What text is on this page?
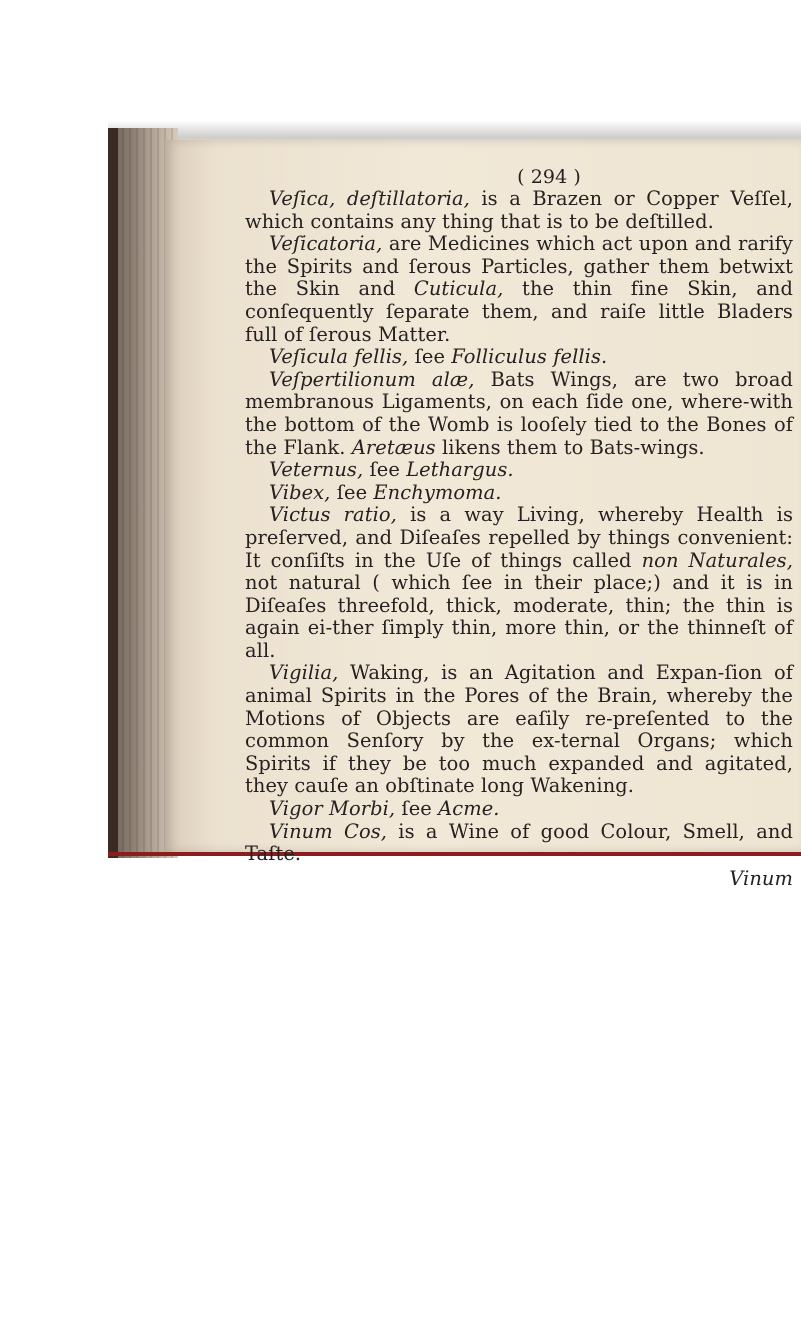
( 294 )

Veſica, deſtillatoria, is a Brazen or Copper Veſſel, which contains any thing that is to be deſtilled.

Veſicatoria, are Medicines which act upon and rarify the Spirits and ſerous Particles, gather them betwixt the Skin and Cuticula, the thin fine Skin, and conſequently ſeparate them, and raiſe little Bladers full of ſerous Matter.

Veſicula fellis, ſee Folliculus fellis.

Veſpertilionum alæ, Bats Wings, are two broad membranous Ligaments, on each ſide one, where-with the bottom of the Womb is looſely tied to the Bones of the Flank. Aretæus likens them to Bats-wings.

Veternus, ſee Lethargus.

Vibex, ſee Enchymoma.

Victus ratio, is a way Living, whereby Health is preſerved, and Diſeaſes repelled by things convenient: It conſiſts in the Uſe of things called non Naturales, not natural ( which ſee in their place;) and it is in Diſeaſes threefold, thick, moderate, thin; the thin is again ei-ther ſimply thin, more thin, or the thinneſt of all.

Vigilia, Waking, is an Agitation and Expan-ſion of animal Spirits in the Pores of the Brain, whereby the Motions of Objects are eaſily re-preſented to the common Senſory by the ex-ternal Organs; which Spirits if they be too much expanded and agitated, they cauſe an obſtinate long Wakening.

Vigor Morbi, ſee Acme.

Vinum Cos, is a Wine of good Colour, Smell, and Taſte.

Vinum
